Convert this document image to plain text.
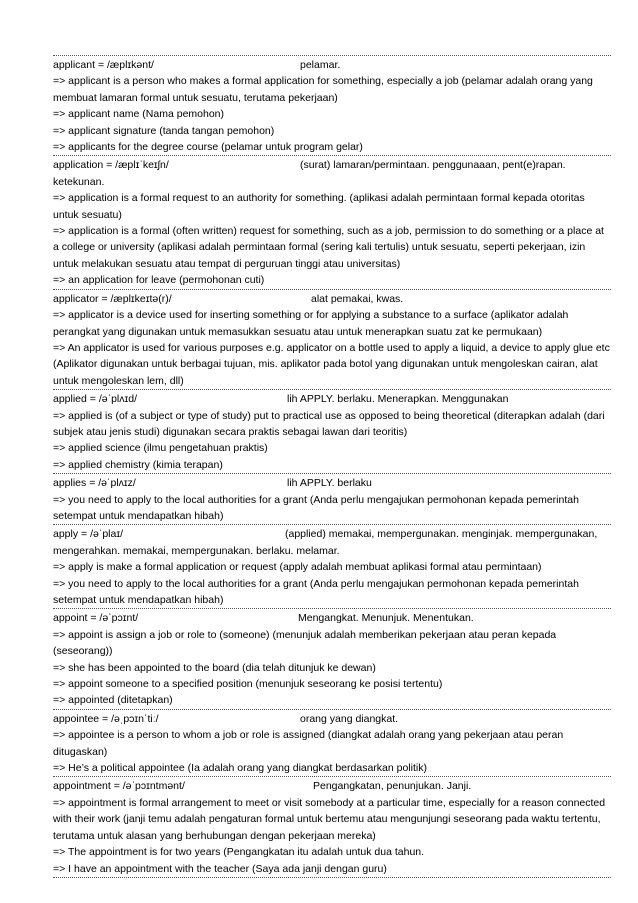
applicant = /æplɪkənt/	pelamar.
=> applicant is a person who makes a formal application for something, especially a job (pelamar adalah orang yang membuat lamaran formal untuk sesuatu, terutama pekerjaan)
=> applicant name (Nama pemohon)
=> applicant signature (tanda tangan pemohon)
=> applicants for the degree course (pelamar untuk program gelar)
application = /æplɪˈkeɪʃn/	(surat) lamaran/permintaan. penggunaaan, pent(e)rapan. ketekunan.
=> application is a formal request to an authority for something. (aplikasi adalah permintaan formal kepada otoritas untuk sesuatu)
=> application is a formal (often written) request for something, such as a job, permission to do something or a place at a college or university (aplikasi adalah permintaan formal (sering kali tertulis) untuk sesuatu, seperti pekerjaan, izin untuk melakukan sesuatu atau tempat di perguruan tinggi atau universitas)
=> an application for leave (permohonan cuti)
applicator = /æplɪkeɪtə(r)/	alat pemakai, kwas.
=> applicator is a device used for inserting something or for applying a substance to a surface (aplikator adalah perangkat yang digunakan untuk memasukkan sesuatu atau untuk menerapkan suatu zat ke permukaan)
=> An applicator is used for various purposes e.g. applicator on a bottle used to apply a liquid, a device to apply glue etc (Aplikator digunakan untuk berbagai tujuan, mis. aplikator pada botol yang digunakan untuk mengoleskan cairan, alat untuk mengoleskan lem, dll)
applied = /əˈplʌɪd/	lih APPLY. berlaku. Menerapkan. Menggunakan
=> applied is (of a subject or type of study) put to practical use as opposed to being theoretical (diterapkan adalah (dari subjek atau jenis studi) digunakan secara praktis sebagai lawan dari teoritis)
=> applied science (ilmu pengetahuan praktis)
=> applied chemistry (kimia terapan)
applies = /əˈplʌɪz/	lih APPLY. berlaku
=> you need to apply to the local authorities for a grant (Anda perlu mengajukan permohonan kepada pemerintah setempat untuk mendapatkan hibah)
apply = /əˈplaɪ/	(applied) memakai, mempergunakan. menginjak. mempergunakan, mengerahkan. memakai, mempergunakan. berlaku. melamar.
=> apply is make a formal application or request (apply adalah membuat aplikasi formal atau permintaan)
=> you need to apply to the local authorities for a grant (Anda perlu mengajukan permohonan kepada pemerintah setempat untuk mendapatkan hibah)
appoint = /əˈpɔɪnt/	Mengangkat. Menunjuk. Menentukan.
=> appoint is assign a job or role to (someone) (menunjuk adalah memberikan pekerjaan atau peran kepada (seseorang))
=> she has been appointed to the board (dia telah ditunjuk ke dewan)
=> appoint someone to a specified position (menunjuk seseorang ke posisi tertentu)
=> appointed (ditetapkan)
appointee = /əˌpɔɪnˈtiː/	orang yang diangkat.
=> appointee is a person to whom a job or role is assigned (diangkat adalah orang yang pekerjaan atau peran ditugaskan)
=> He’s a political appointee (Ia adalah orang yang diangkat berdasarkan politik)
appointment = /əˈpɔɪntmənt/	Pengangkatan, penunjukan. Janji.
=> appointment is formal arrangement to meet or visit somebody at a particular time, especially for a reason connected with their work (janji temu adalah pengaturan formal untuk bertemu atau mengunjungi seseorang pada waktu tertentu, terutama untuk alasan yang berhubungan dengan pekerjaan mereka)
=> The appointment is for two years (Pengangkatan itu adalah untuk dua tahun.
=> I have an appointment with the teacher (Saya ada janji dengan guru)
